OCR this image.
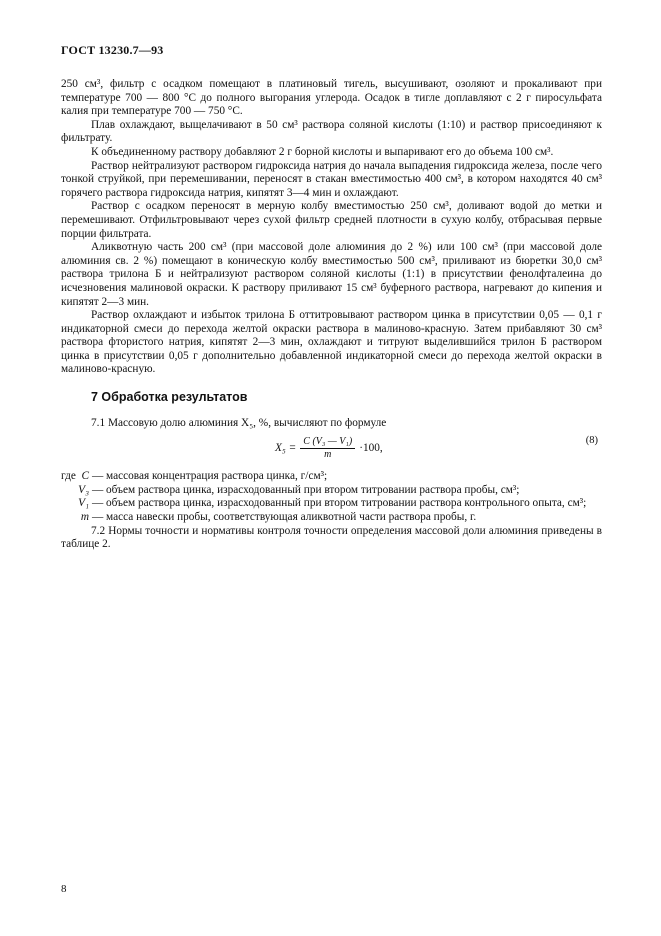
ГОСТ 13230.7—93

250 см³, фильтр с осадком помещают в платиновый тигель, высушивают, озоляют и прокаливают при температуре 700 — 800 °С до полного выгорания углерода. Осадок в тигле доплавляют с 2 г пиросульфата калия при температуре 700 — 750 °С.

Плав охлаждают, выщелачивают в 50 см³ раствора соляной кислоты (1:10) и раствор присоединяют к фильтрату.

К объединенному раствору добавляют 2 г борной кислоты и выпаривают его до объема 100 см³.

Раствор нейтрализуют раствором гидроксида натрия до начала выпадения гидроксида железа, после чего тонкой струйкой, при перемешивании, переносят в стакан вместимостью 400 см³, в котором находятся 40 см³ горячего раствора гидроксида натрия, кипятят 3—4 мин и охлаждают.

Раствор с осадком переносят в мерную колбу вместимостью 250 см³, доливают водой до метки и перемешивают. Отфильтровывают через сухой фильтр средней плотности в сухую колбу, отбрасывая первые порции фильтрата.

Аликвотную часть 200 см³ (при массовой доле алюминия до 2 %) или 100 см³ (при массовой доле алюминия св. 2 %) помещают в коническую колбу вместимостью 500 см³, приливают из бюретки 30,0 см³ раствора трилона Б и нейтрализуют раствором соляной кислоты (1:1) в присутствии фенолфталеина до исчезновения малиновой окраски. К раствору приливают 15 см³ буферного раствора, нагревают до кипения и кипятят 2—3 мин.

Раствор охлаждают и избыток трилона Б оттитровывают раствором цинка в присутствии 0,05 — 0,1 г индикаторной смеси до перехода желтой окраски раствора в малиново-красную. Затем прибавляют 30 см³ раствора фтористого натрия, кипятят 2—3 мин, охлаждают и титруют выделившийся трилон Б раствором цинка в присутствии 0,05 г дополнительно добавленной индикаторной смеси до перехода желтой окраски в малиново-красную.

7 Обработка результатов

7.1 Массовую долю алюминия X₅, %, вычисляют по формуле

$X_5 = \frac{\text{C (V₃ — V₁)}}{m} \cdot 100$,
(8)
где C — массовая концентрация раствора цинка, г/см³;
V₃ — объем раствора цинка, израсходованный при втором титровании раствора пробы, см³;
V₁ — объем раствора цинка, израсходованный при втором титровании раствора контрольного опыта, см³;
m — масса навески пробы, соответствующая аликвотной части раствора пробы, г.

7.2 Нормы точности и нормативы контроля точности определения массовой доли алюминия приведены в таблице 2.

8
